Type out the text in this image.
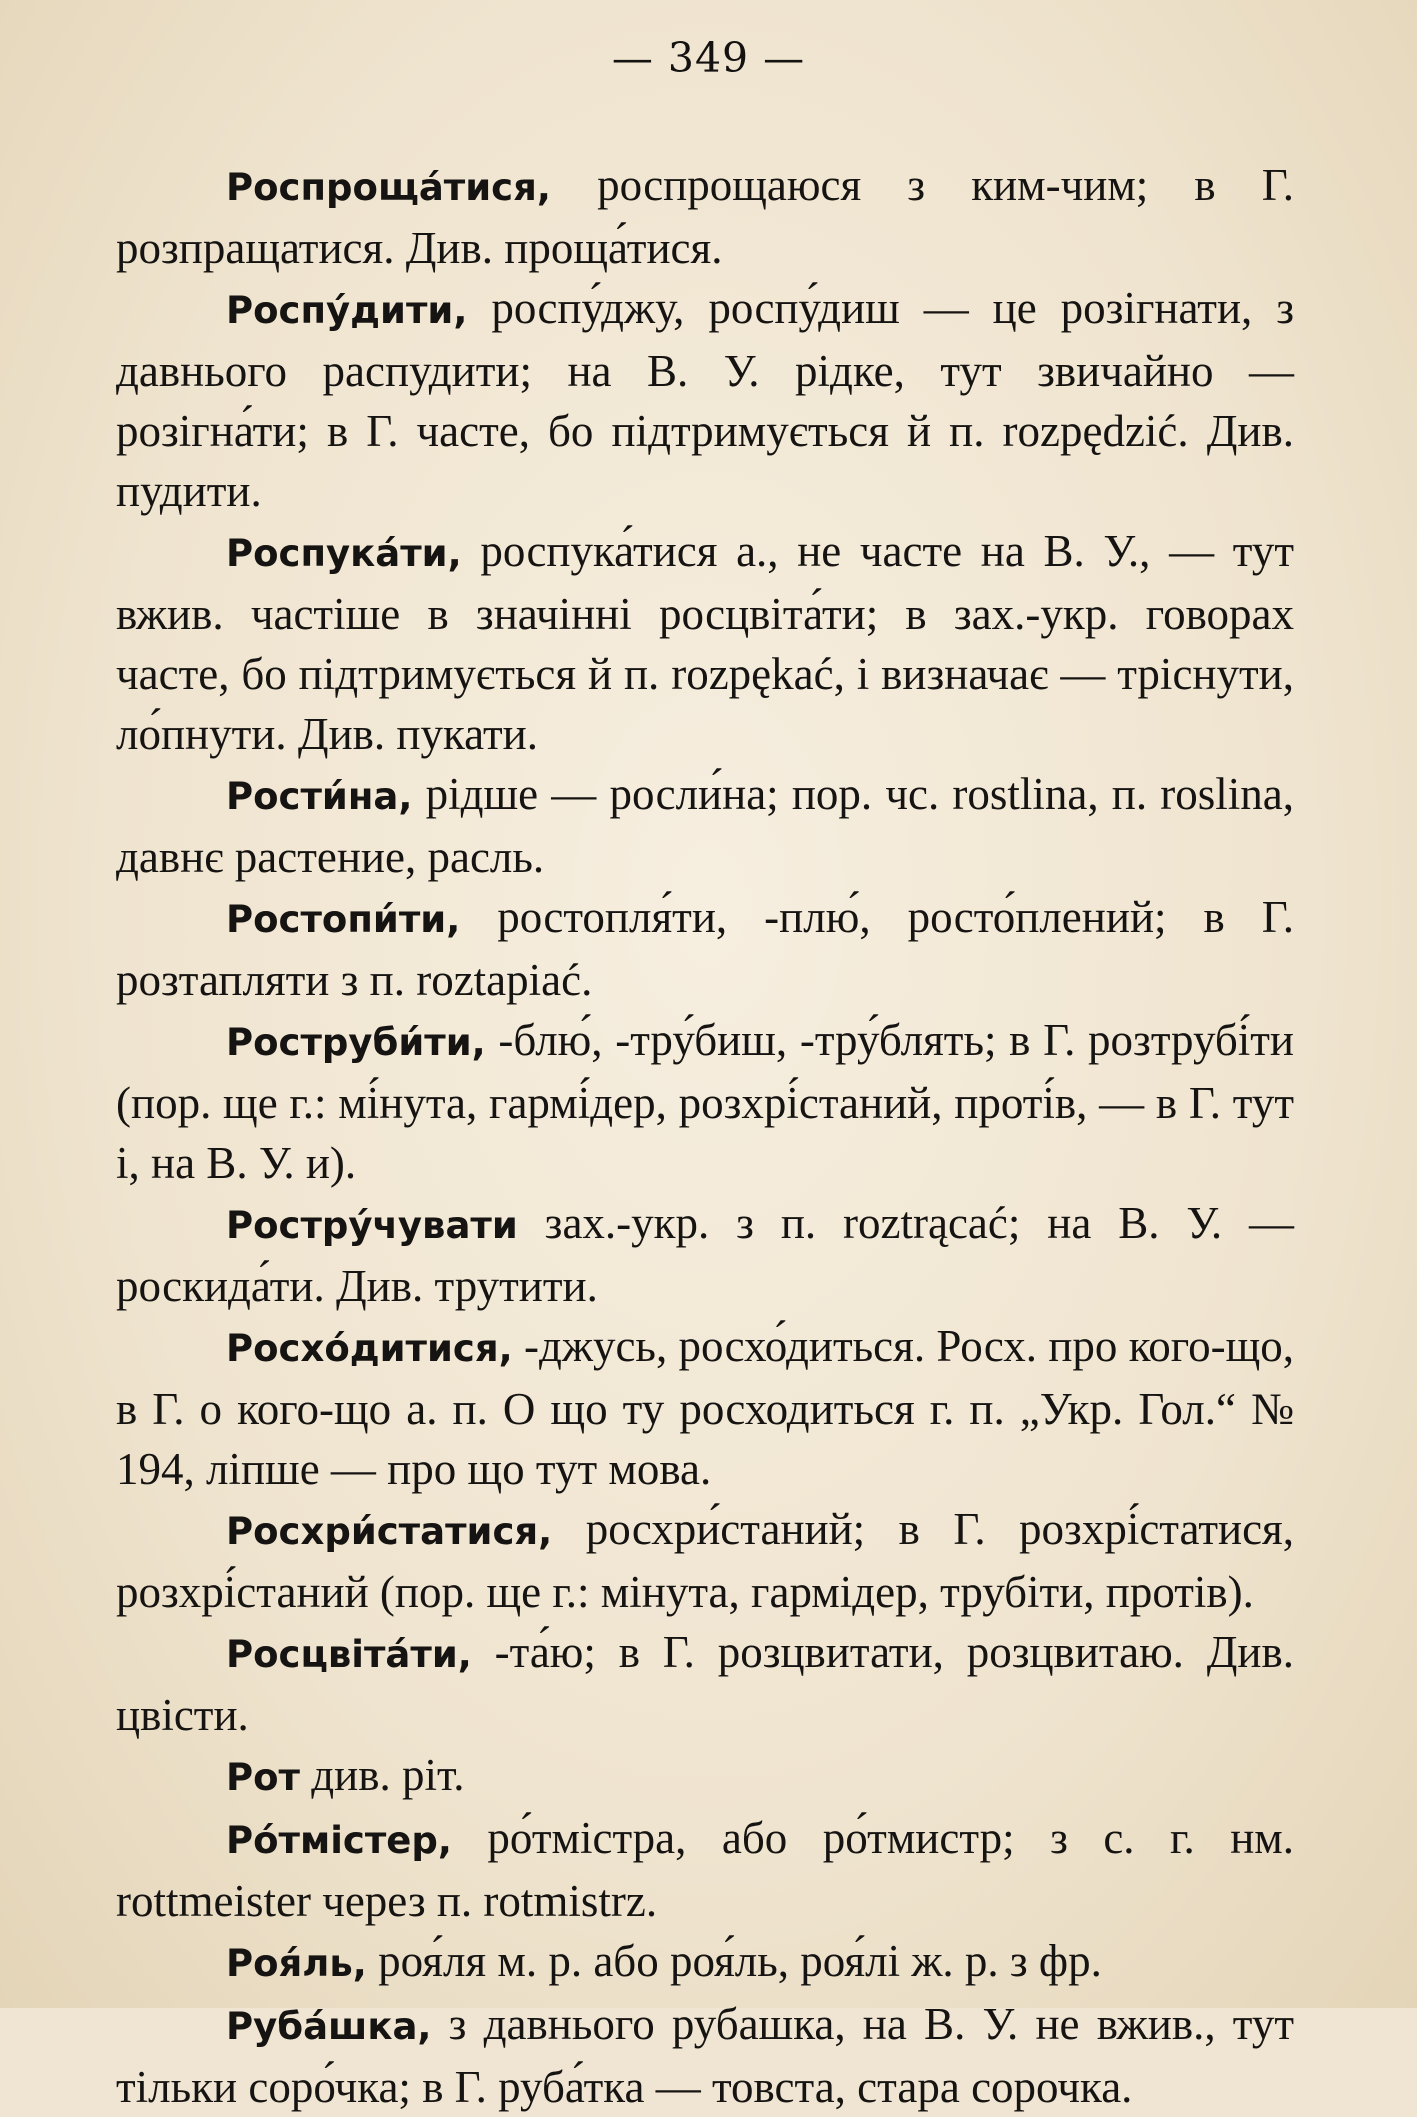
— 349 —

Роспроща́тися, роспрощаюся з ким-чим; в Г. розпращатися. Див. проща́тися.

Роспу́дити, роспу́джу, роспу́диш — це розігнати, з давнього распудити; на В. У. рідке, тут звичайно — розігна́ти; в Г. часте, бо підтримується й п. rozpędzić. Див. пудити.

Роспука́ти, роспука́тися а., не часте на В. У., — тут вжив. частіше в значінні росцвіта́ти; в зах.-укр. говорах часте, бо підтримується й п. rozpękać, і визначає — тріснути, ло́пнути. Див. пукати.

Рости́на, рідше — росли́на; пор. чс. rostlina, п. roslina, давнє растение, расль.

Ростопи́ти, ростопля́ти, -плю́, росто́плений; в Г. розтапляти з п. roztapiać.

Роструби́ти, -блю́, -тру́биш, -тру́блять; в Г. розтрубі́ти (пор. ще г.: мі́нута, гармі́дер, розхрі́станий, проті́в, — в Г. тут і, на В. У. и).

Рострýчувати зах.-укр. з п. roztrącać; на В. У. — роскида́ти. Див. трутити.

Росхо́дитися, -джусь, росхо́диться. Росх. про кого-що, в Г. о кого-що а. п. О що ту росходиться г. п. „Укр. Гол.“ № 194, ліпше — про що тут мова.

Росхри́статися, росхри́станий; в Г. розхрі́статися, розхрі́станий (пор. ще г.: мінута, гармідер, трубіти, протів).

Росцвіта́ти, -та́ю; в Г. розцвитати, розцвитаю. Див. цвісти.

Рот див. ріт.

Ро́тмістер, ро́тмістра, або ро́тмистр; з с. г. нм. rottmeister через п. rotmistrz.

Роя́ль, роя́ля м. р. або роя́ль, роя́лі ж. р. з фр.

Руба́шка, з давнього рубашка, на В. У. не вжив., тут тільки соро́чка; в Г. руба́тка — товста, стара сорочка.
